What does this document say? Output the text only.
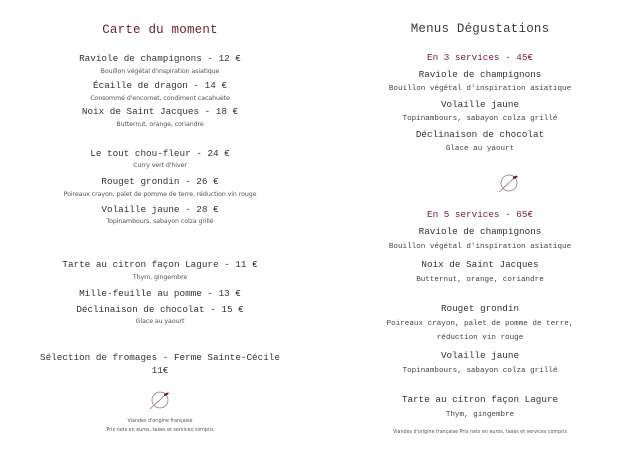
Carte du moment
Raviole de champignons - 12 €
Bouillon végétal d'inspiration asiatique
Écaille de dragon - 14 €
Consommé d'encornet, condiment cacahuète
Noix de Saint Jacques - 18 €
Butternut, orange, coriandre
Le tout chou-fleur - 24 €
Curry vert d'hiver
Rouget grondin - 26 €
Poireaux crayon, palet de pomme de terre, réduction vin rouge
Volaille jaune - 28 €
Topinambours, sabayon colza grillé
Tarte au citron façon Lagure - 11 €
Thym, gingembre
Mille-feuille au pomme - 13 €
Déclinaison de chocolat - 15 €
Glace au yaourt
Sélection de fromages - Ferme Sainte-Cécile
11€
Viandes d'origine française
Prix nets en euros, taxes et services compris
Menus Dégustations
En 3 services - 45€
Raviole de champignons
Bouillon végétal d'inspiration asiatique
Volaille jaune
Topinambours, sabayon colza grillé
Déclinaison de chocolat
Glace au yaourt
En 5 services - 65€
Raviole de champignons
Bouillon végétal d'inspiration asiatique
Noix de Saint Jacques
Butternut, orange, coriandre
Rouget grondin
Poireaux crayon, palet de pomme de terre,
réduction vin rouge
Volaille jaune
Topinambours, sabayon colza grillé
Tarte au citron façon Lagure
Thym, gingembre
Viandes d'origine française Prix nets en euros, taxes et services compris
